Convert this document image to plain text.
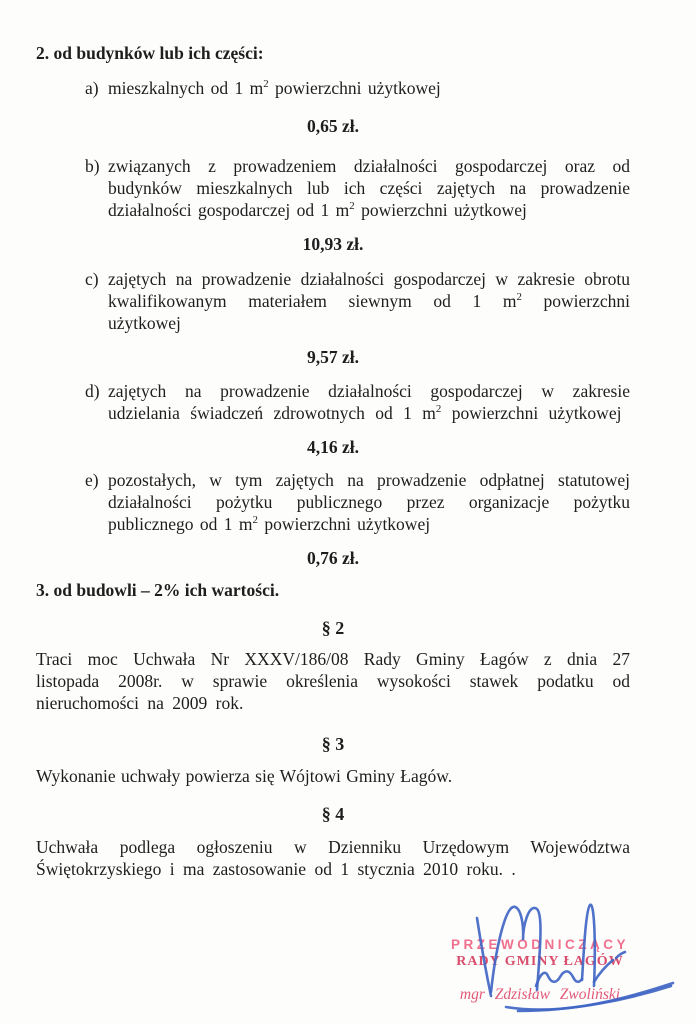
2. od budynków lub ich części:
a) mieszkalnych od 1 $m^2$ powierzchni użytkowej
0,65 zł.
b) związanych z prowadzeniem działalności gospodarczej oraz od budynków mieszkalnych lub ich części zajętych na prowadzenie działalności gospodarczej od 1 $m^2$ powierzchni użytkowej
10,93 zł.
c) zajętych na prowadzenie działalności gospodarczej w zakresie obrotu kwalifikowanym materiałem siewnym od 1 $m^2$ powierzchni użytkowej
9,57 zł.
d) zajętych na prowadzenie działalności gospodarczej w zakresie udzielania świadczeń zdrowotnych od 1 $m^2$ powierzchni użytkowej
4,16 zł.
e) pozostałych, w tym zajętych na prowadzenie odpłatnej statutowej działalności pożytku publicznego przez organizacje pożytku publicznego od 1 $m^2$ powierzchni użytkowej
0,76 zł.
3. od budowli – 2% ich wartości.
§ 2
Traci moc Uchwała Nr XXXV/186/08 Rady Gminy Łagów z dnia 27 listopada 2008r. w sprawie określenia wysokości stawek podatku od nieruchomości na 2009 rok.
§ 3
Wykonanie uchwały powierza się Wójtowi Gminy Łagów.
§ 4
Uchwała podlega ogłoszeniu w Dzienniku Urzędowym Województwa Świętokrzyskiego i ma zastosowanie od 1 stycznia 2010 roku. .
PRZEWODNICZĄCY
RADY GMINY ŁAGÓW
mgr Zdzisław Zwoliński
